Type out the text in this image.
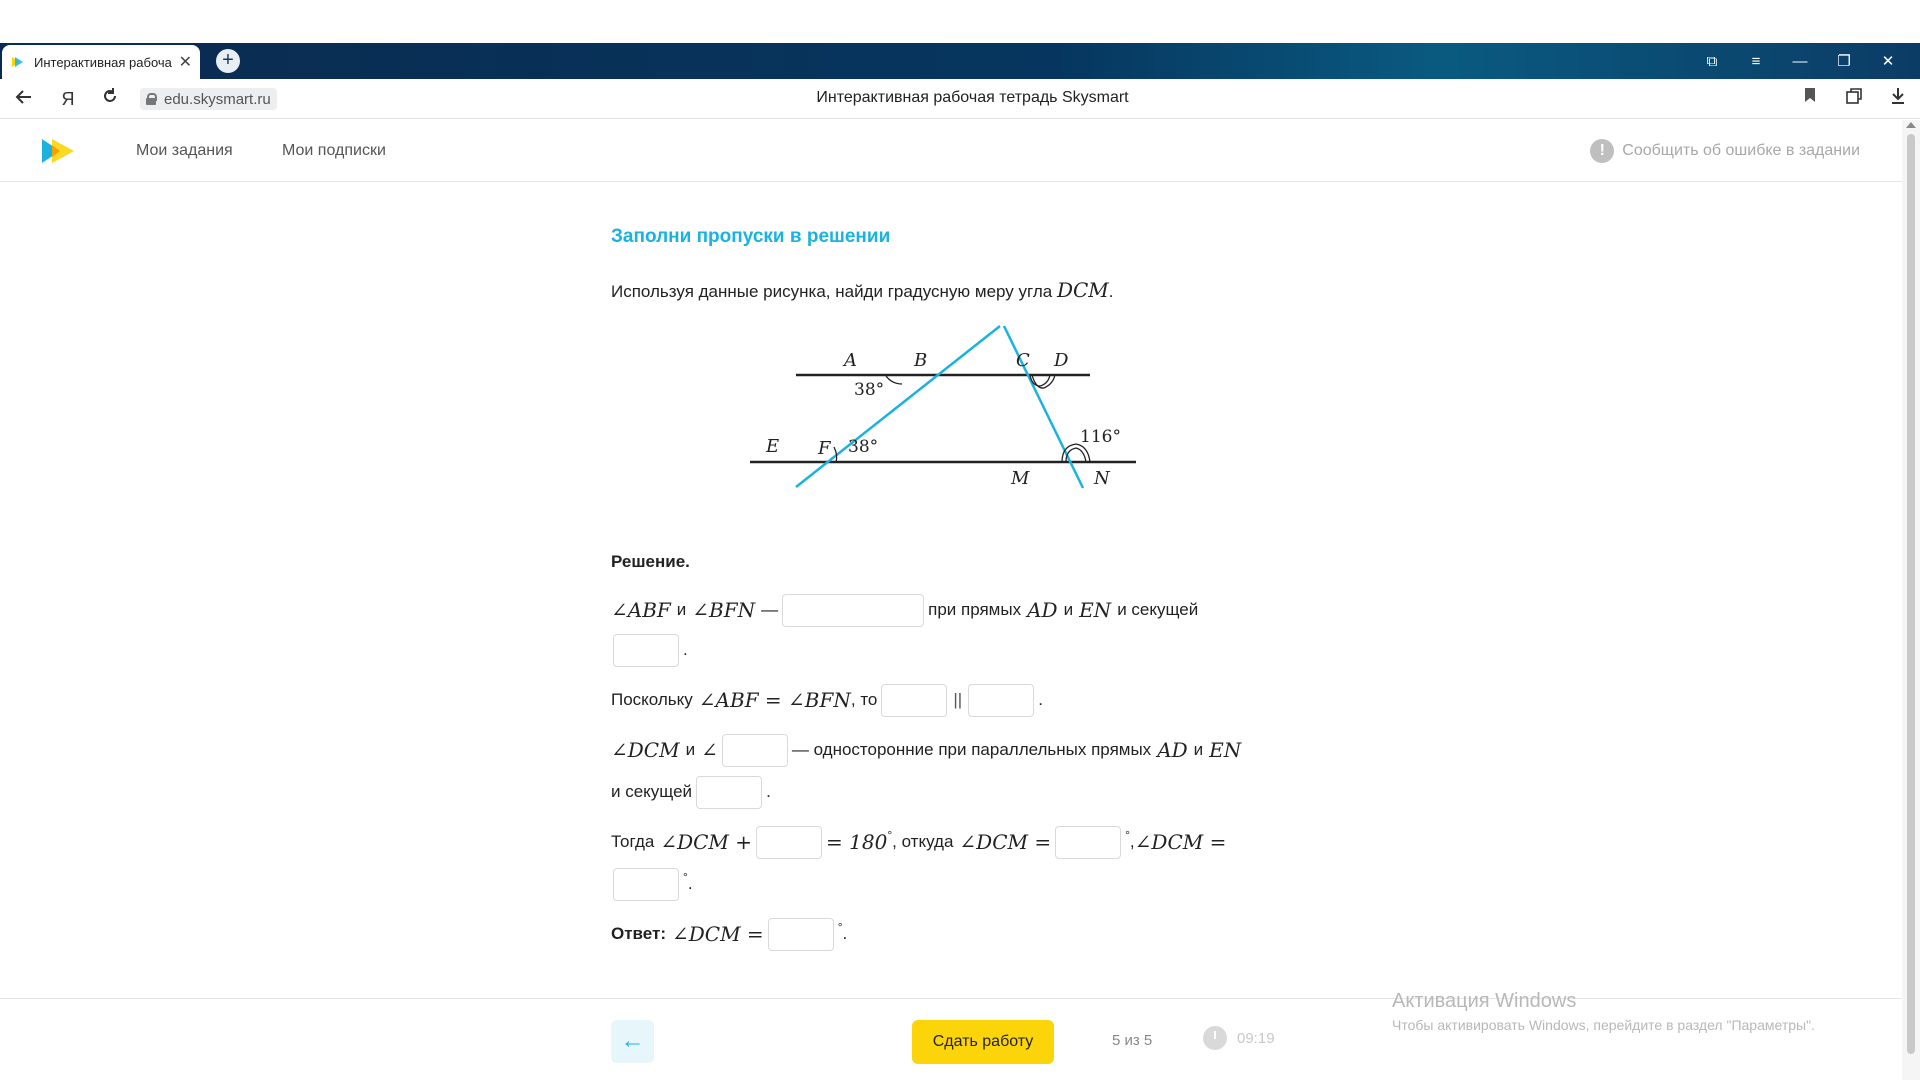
Интерактивная рабоча ✕	+	⧉	≡	—	❐	✕
Я	edu.skysmart.ru	Интерактивная рабочая тетрадь Skysmart
Мои задания	Мои подписки	!	Сообщить об ошибке в задании
Заполни пропуски в решении
Используя данные рисунка, найди градусную меру угла DCM.
A	B	C D
E F
M	N
38°
38°	116°
Решение.
∠ABF и ∠BFN —	при прямых AD и EN и секущей
.
Поскольку ∠ABF = ∠BFN , то	||	.
∠DCM и ∠	— односторонние при параллельных прямых AD и EN
и секущей	.
Тогда ∠DCM +	= 180 ° , откуда ∠DCM =	° , ∠DCM =
° .
Ответ: ∠DCM =	° .
←	Сдать работу	5 из 5	09:19
Активация Windows
Чтобы активировать Windows, перейдите в раздел "Параметры".
